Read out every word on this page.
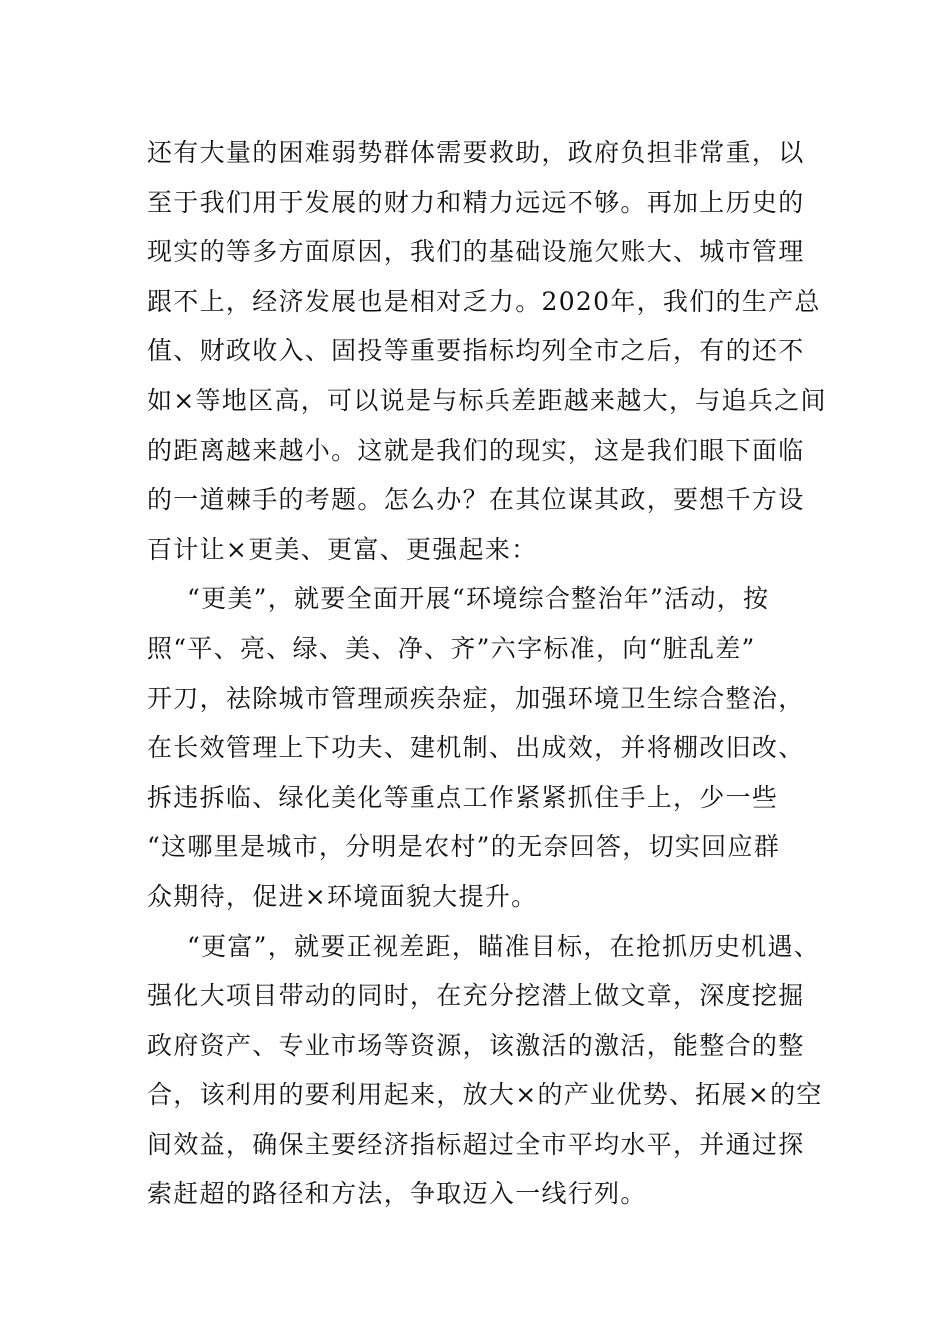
还有大量的困难弱势群体需要救助，政府负担非常重，以
至于我们用于发展的财力和精力远远不够。再加上历史的
现实的等多方面原因，我们的基础设施欠账大、城市管理
跟不上，经济发展也是相对乏力。2020年，我们的生产总
值、财政收入、固投等重要指标均列全市之后，有的还不
如×等地区高，可以说是与标兵差距越来越大，与追兵之间
的距离越来越小。这就是我们的现实，这是我们眼下面临
的一道棘手的考题。怎么办？在其位谋其政，要想千方设
百计让×更美、更富、更强起来：
“更美”，就要全面开展“环境综合整治年”活动，按
照“平、亮、绿、美、净、齐”六字标准，向“脏乱差”
开刀，祛除城市管理顽疾杂症，加强环境卫生综合整治，
在长效管理上下功夫、建机制、出成效，并将棚改旧改、
拆违拆临、绿化美化等重点工作紧紧抓住手上，少一些
“这哪里是城市，分明是农村”的无奈回答，切实回应群
众期待，促进×环境面貌大提升。
“更富”，就要正视差距，瞄准目标，在抢抓历史机遇、
强化大项目带动的同时，在充分挖潜上做文章，深度挖掘
政府资产、专业市场等资源，该激活的激活，能整合的整
合，该利用的要利用起来，放大×的产业优势、拓展×的空
间效益，确保主要经济指标超过全市平均水平，并通过探
索赶超的路径和方法，争取迈入一线行列。
